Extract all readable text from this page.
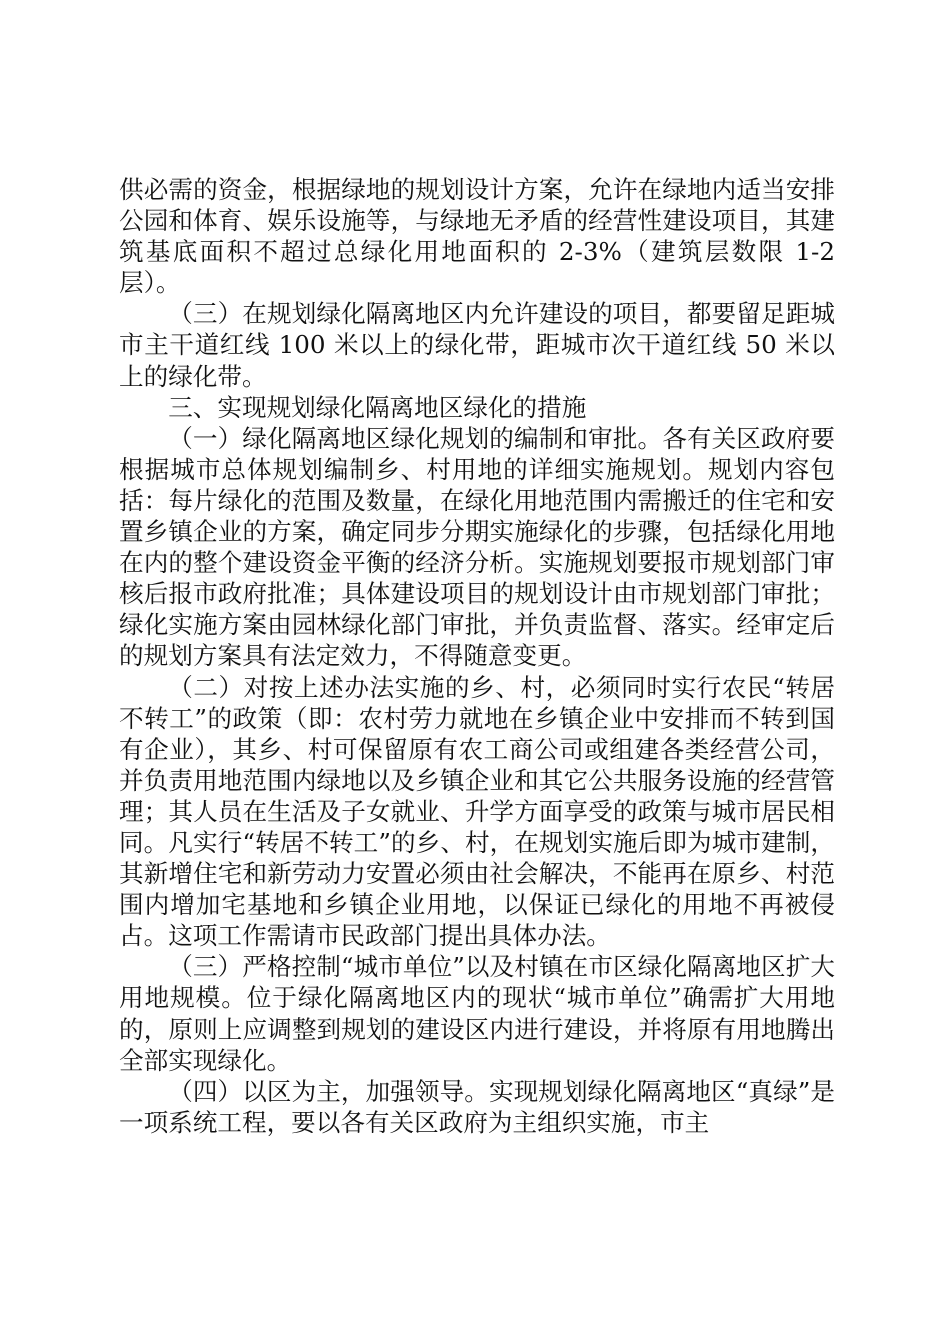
供必需的资金，根据绿地的规划设计方案，允许在绿地内适当安排公园和体育、娱乐设施等，与绿地无矛盾的经营性建设项目，其建筑基底面积不超过总绿化用地面积的 2-3%（建筑层数限 1-2 层）。

（三）在规划绿化隔离地区内允许建设的项目，都要留足距城市主干道红线 100 米以上的绿化带，距城市次干道红线 50 米以上的绿化带。

三、实现规划绿化隔离地区绿化的措施

（一）绿化隔离地区绿化规划的编制和审批。各有关区政府要根据城市总体规划编制乡、村用地的详细实施规划。规划内容包括：每片绿化的范围及数量，在绿化用地范围内需搬迁的住宅和安置乡镇企业的方案，确定同步分期实施绿化的步骤，包括绿化用地在内的整个建设资金平衡的经济分析。实施规划要报市规划部门审核后报市政府批准；具体建设项目的规划设计由市规划部门审批；绿化实施方案由园林绿化部门审批，并负责监督、落实。经审定后的规划方案具有法定效力，不得随意变更。

（二）对按上述办法实施的乡、村，必须同时实行农民“转居不转工”的政策（即：农村劳力就地在乡镇企业中安排而不转到国有企业），其乡、村可保留原有农工商公司或组建各类经营公司，并负责用地范围内绿地以及乡镇企业和其它公共服务设施的经营管理；其人员在生活及子女就业、升学方面享受的政策与城市居民相同。凡实行“转居不转工”的乡、村，在规划实施后即为城市建制，其新增住宅和新劳动力安置必须由社会解决，不能再在原乡、村范围内增加宅基地和乡镇企业用地，以保证已绿化的用地不再被侵占。这项工作需请市民政部门提出具体办法。

（三）严格控制“城市单位”以及村镇在市区绿化隔离地区扩大用地规模。位于绿化隔离地区内的现状“城市单位”确需扩大用地的，原则上应调整到规划的建设区内进行建设，并将原有用地腾出全部实现绿化。

（四）以区为主，加强领导。实现规划绿化隔离地区“真绿”是一项系统工程，要以各有关区政府为主组织实施，市主
